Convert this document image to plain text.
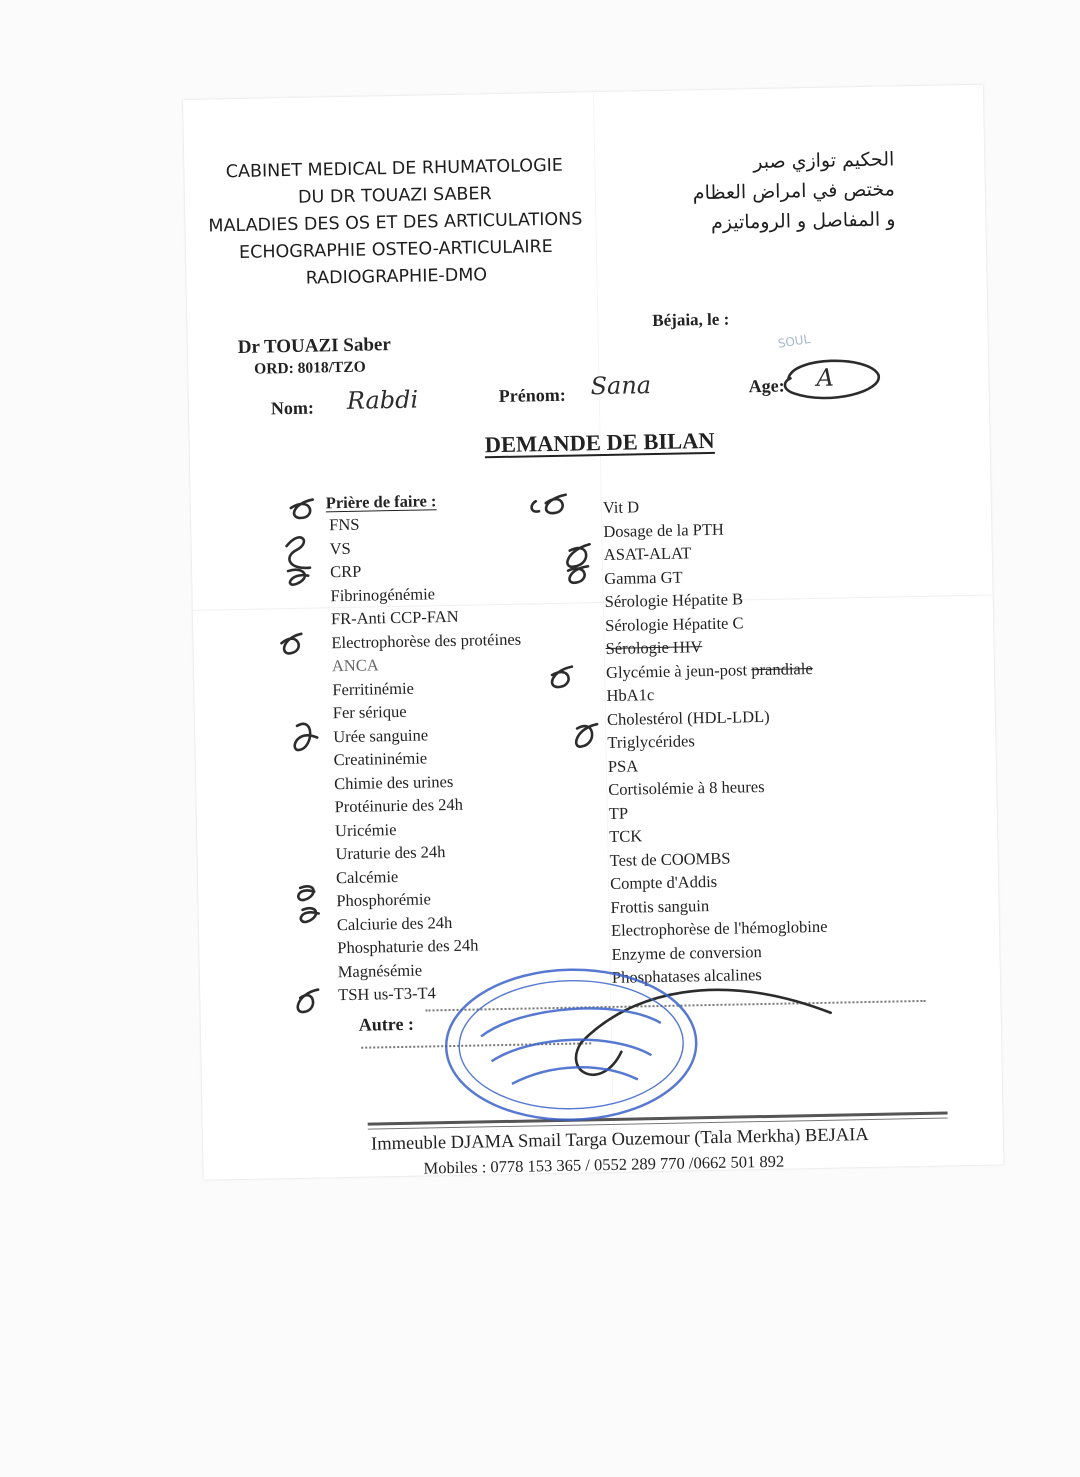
CABINET MEDICAL DE RHUMATOLOGIE
DU DR TOUAZI SABER
MALADIES DES OS ET DES ARTICULATIONS
ECHOGRAPHIE OSTEO-ARTICULAIRE
RADIOGRAPHIE-DMO
الحكيم توازي صبر
مختص في امراض العظام
و المفاصل و الروماتيزم
Dr TOUAZI Saber
ORD: 8018/TZO
Béjaia, le :
SOUL
Nom: Rabdi	Prénom: Sana	Age: A
DEMANDE DE BILAN
Prière de faire :
FNS
VS
CRP
Fibrinogénémie
FR-Anti CCP-FAN
Electrophorèse des protéines
ANCA
Ferritinémie
Fer sérique
Urée sanguine
Creatininémie
Chimie des urines
Protéinurie des 24h
Uricémie
Uraturie des 24h
Calcémie
Phosphorémie
Calciurie des 24h
Phosphaturie des 24h
Magnésémie
TSH us-T3-T4
Vit D
Dosage de la PTH
ASAT-ALAT
Gamma GT
Sérologie Hépatite B
Sérologie Hépatite C
Sérologie HIV
Glycémie à jeun-post prandiale
HbA1c
Cholestérol (HDL-LDL)
Triglycérides
PSA
Cortisolémie à 8 heures
TP
TCK
Test de COOMBS
Compte d'Addis
Frottis sanguin
Electrophorèse de l'hémoglobine
Enzyme de conversion
Phosphatases alcalines
Autre :
Immeuble DJAMA Smail Targa Ouzemour (Tala Merkha) BEJAIA
Mobiles : 0778 153 365 / 0552 289 770 /0662 501 892
